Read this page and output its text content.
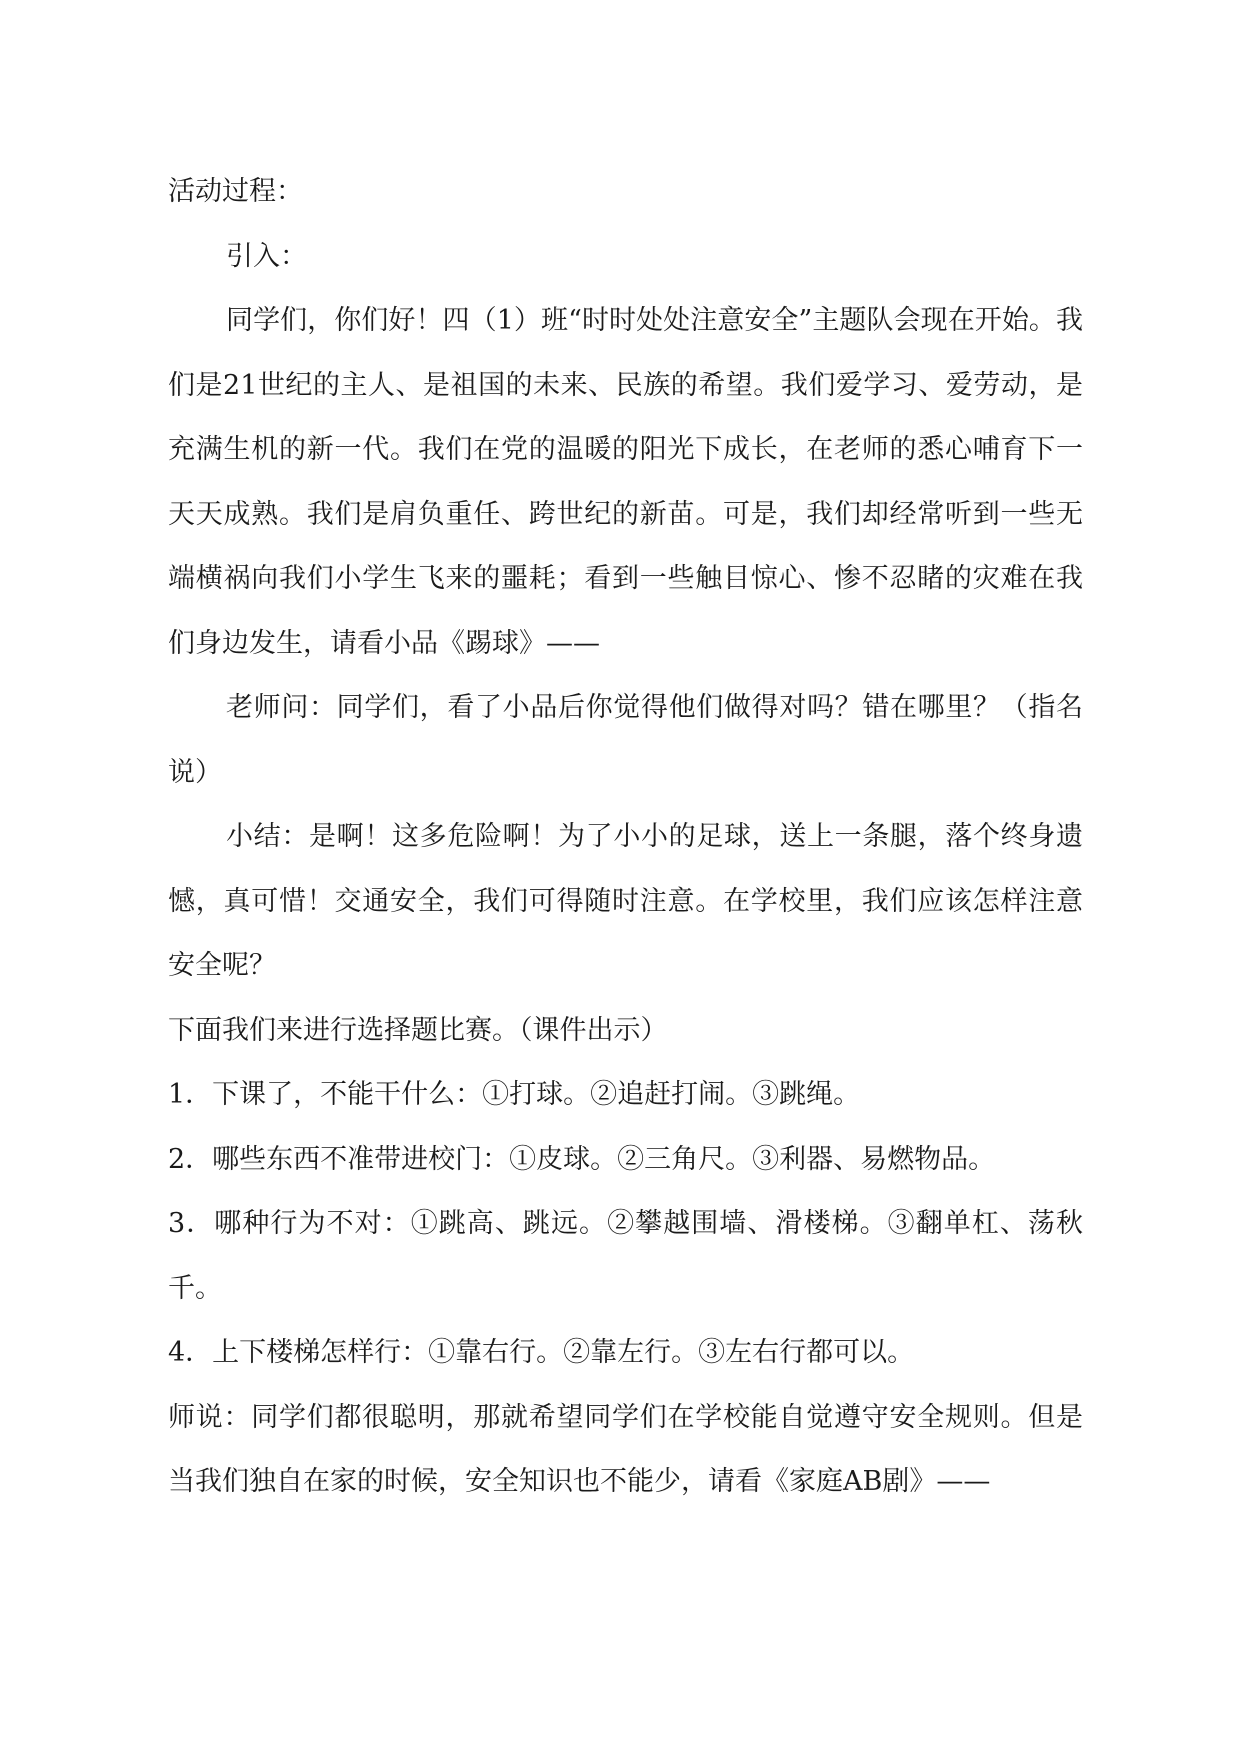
活动过程：

引入：

同学们，你们好！四（1）班“时时处处注意安全”主题队会现在开始。我们是21世纪的主人、是祖国的未来、民族的希望。我们爱学习、爱劳动，是充满生机的新一代。我们在党的温暖的阳光下成长，在老师的悉心哺育下一天天成熟。我们是肩负重任、跨世纪的新苗。可是，我们却经常听到一些无端横祸向我们小学生飞来的噩耗；看到一些触目惊心、惨不忍睹的灾难在我们身边发生，请看小品《踢球》——

老师问：同学们，看了小品后你觉得他们做得对吗？错在哪里？（指名说）

小结：是啊！这多危险啊！为了小小的足球，送上一条腿，落个终身遗憾，真可惜！交通安全，我们可得随时注意。在学校里，我们应该怎样注意安全呢？

下面我们来进行选择题比赛。（课件出示）

1．下课了，不能干什么：①打球。②追赶打闹。③跳绳。

2．哪些东西不准带进校门：①皮球。②三角尺。③利器、易燃物品。

3．哪种行为不对：①跳高、跳远。②攀越围墙、滑楼梯。③翻单杠、荡秋千。

4．上下楼梯怎样行：①靠右行。②靠左行。③左右行都可以。

师说：同学们都很聪明，那就希望同学们在学校能自觉遵守安全规则。但是当我们独自在家的时候，安全知识也不能少，请看《家庭AB剧》——
